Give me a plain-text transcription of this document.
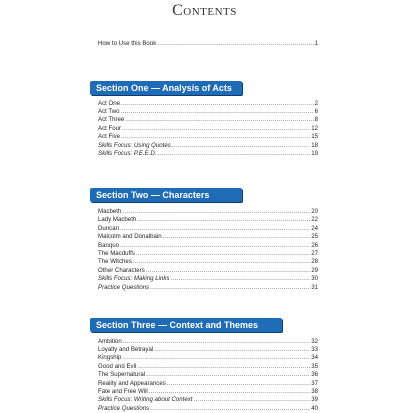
Contents
How to Use this Book .....	1
Section One — Analysis of Acts
Act One .....	2
Act Two .....	6
Act Three .....	8
Act Four .....	12
Act Five .....	15
Skills Focus: Using Quotes .....	18
Skills Focus: P.E.E.D. .....	19
Section Two — Characters
Macbeth .....	20
Lady Macbeth .....	22
Duncan .....	24
Malcolm and Donalbain .....	25
Banquo .....	26
The Macduffs .....	27
The Witches .....	28
Other Characters .....	29
Skills Focus: Making Links .....	30
Practice Questions .....	31
Section Three — Context and Themes
Ambition .....	32
Loyalty and Betrayal .....	33
Kingship .....	34
Good and Evil .....	35
The Supernatural .....	36
Reality and Appearances .....	37
Fate and Free Will .....	38
Skills Focus: Writing about Context .....	39
Practice Questions .....	40
